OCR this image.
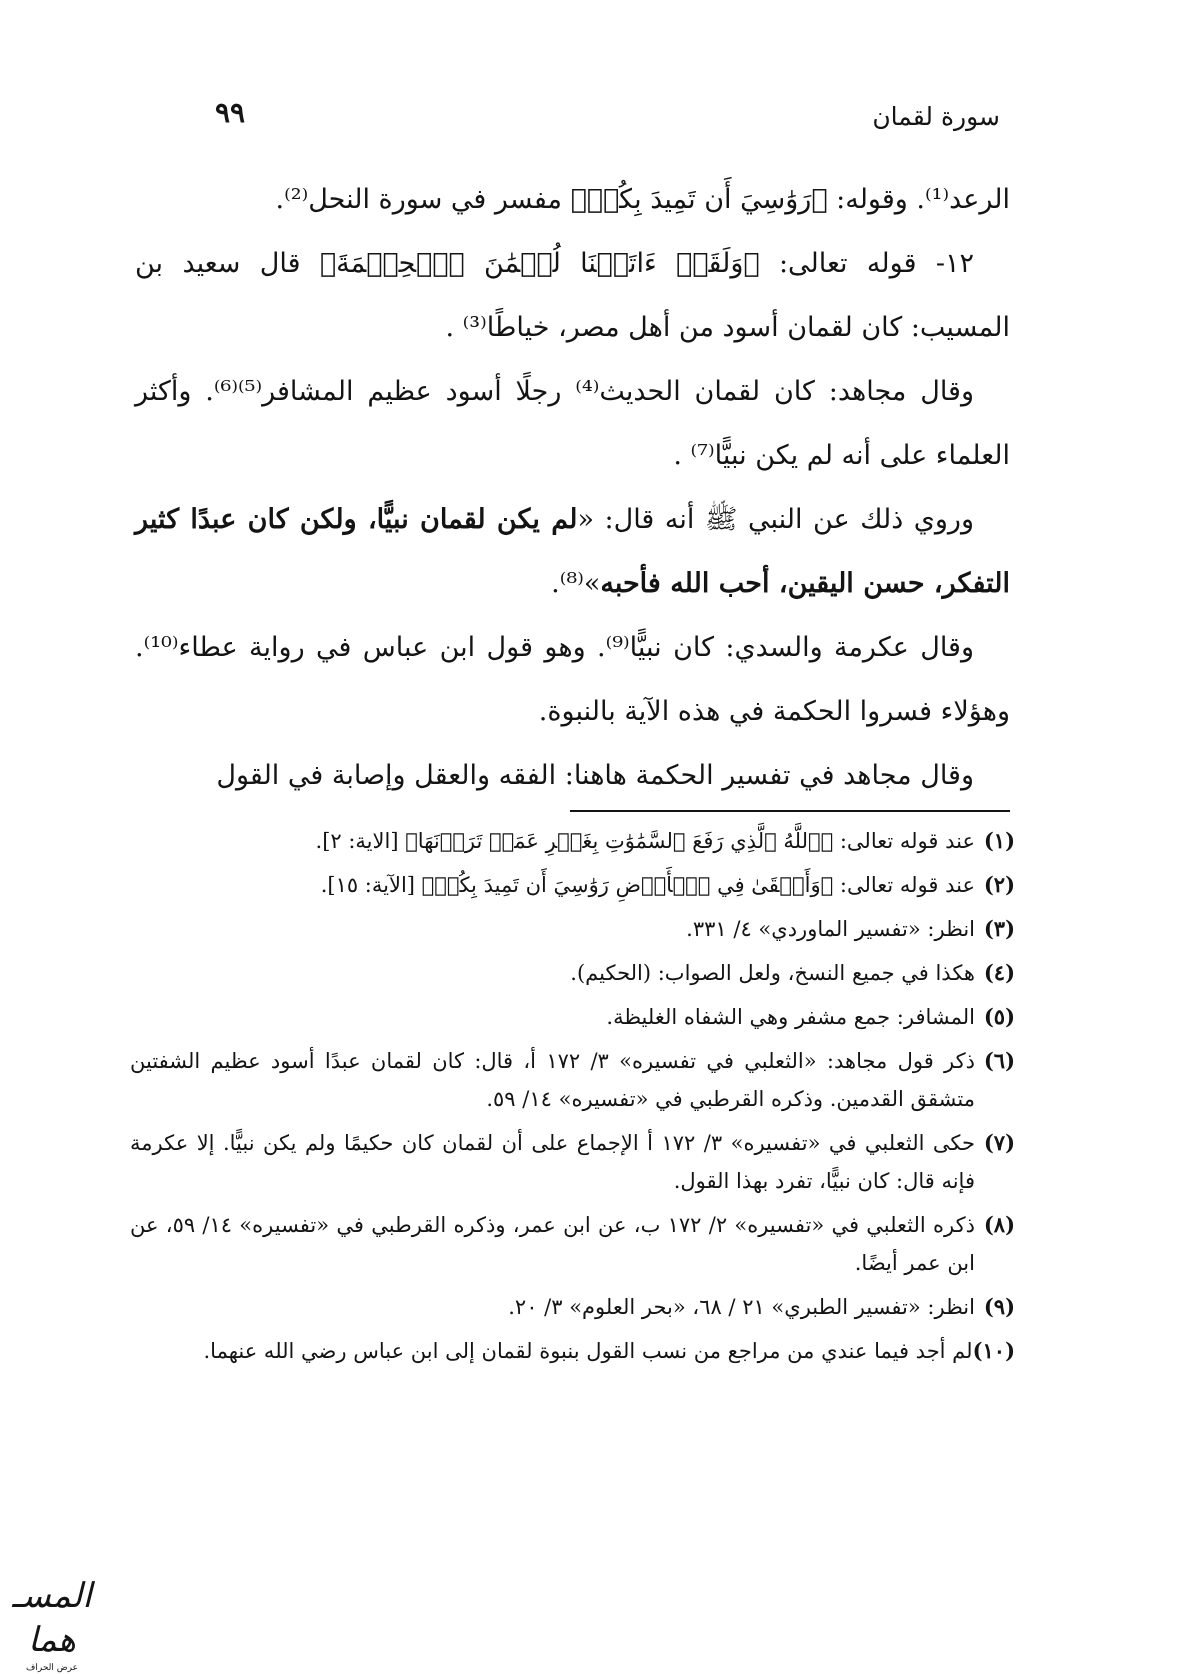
٩٩	سورة لقمان

الرعد⁽¹⁾. وقوله: ﴿رَوَٰسِيَ أَن تَمِيدَ بِكُمۡ﴾ مفسر في سورة النحل⁽²⁾.

١٢- قوله تعالى: ﴿وَلَقَدۡ ءَاتَيۡنَا لُقۡمَٰنَ ٱلۡحِكۡمَةَ﴾ قال سعيد بن المسيب: كان لقمان أسود من أهل مصر، خياطًا⁽³⁾ .

وقال مجاهد: كان لقمان الحديث⁽⁴⁾ رجلًا أسود عظيم المشافر⁽⁵⁾⁽⁶⁾. وأكثر العلماء على أنه لم يكن نبيًّا⁽⁷⁾ .

وروي ذلك عن النبي ﷺ أنه قال: «لم يكن لقمان نبيًّا، ولكن كان عبدًا كثير التفكر، حسن اليقين، أحب الله فأحبه»⁽⁸⁾.

وقال عكرمة والسدي: كان نبيًّا⁽⁹⁾. وهو قول ابن عباس في رواية عطاء⁽¹⁰⁾. وهؤلاء فسروا الحكمة في هذه الآية بالنبوة.

وقال مجاهد في تفسير الحكمة هاهنا: الفقه والعقل وإصابة في القول

(١)
عند قوله تعالى: ﴿ٱللَّهُ ٱلَّذِي رَفَعَ ٱلسَّمَٰوَٰتِ بِغَيۡرِ عَمَدٖ تَرَوۡنَهَا﴾ [الاية: ٢].
(٢)
عند قوله تعالى: ﴿وَأَلۡقَىٰ فِي ٱلۡأَرۡضِ رَوَٰسِيَ أَن تَمِيدَ بِكُمۡ﴾ [الآية: ١٥].
(٣)
انظر: «تفسير الماوردي» ٤/ ٣٣١.
(٤)
هكذا في جميع النسخ، ولعل الصواب: (الحكيم).
(٥)
المشافر: جمع مشفر وهي الشفاه الغليظة.
(٦)
ذكر قول مجاهد: «الثعلبي في تفسيره» ٣/ ١٧٢ أ، قال: كان لقمان عبدًا أسود عظيم الشفتين متشقق القدمين. وذكره القرطبي في «تفسيره» ١٤/ ٥٩.
(٧)
حكى الثعلبي في «تفسيره» ٣/ ١٧٢ أ الإجماع على أن لقمان كان حكيمًا ولم يكن نبيًّا. إلا عكرمة فإنه قال: كان نبيًّا، تفرد بهذا القول.
(٨)
ذكره الثعلبي في «تفسيره» ٢/ ١٧٢ ب، عن ابن عمر، وذكره القرطبي في «تفسيره» ١٤/ ٥٩، عن ابن عمر أيضًا.
(٩)
انظر: «تفسير الطبري» ٢١ / ٦٨، «بحر العلوم» ٣/ ٢٠.
(١٠)
لم أجد فيما عندي من مراجع من نسب القول بنبوة لقمان إلى ابن عباس رضي الله عنهما.
المسـ هما
عرض الحراف
